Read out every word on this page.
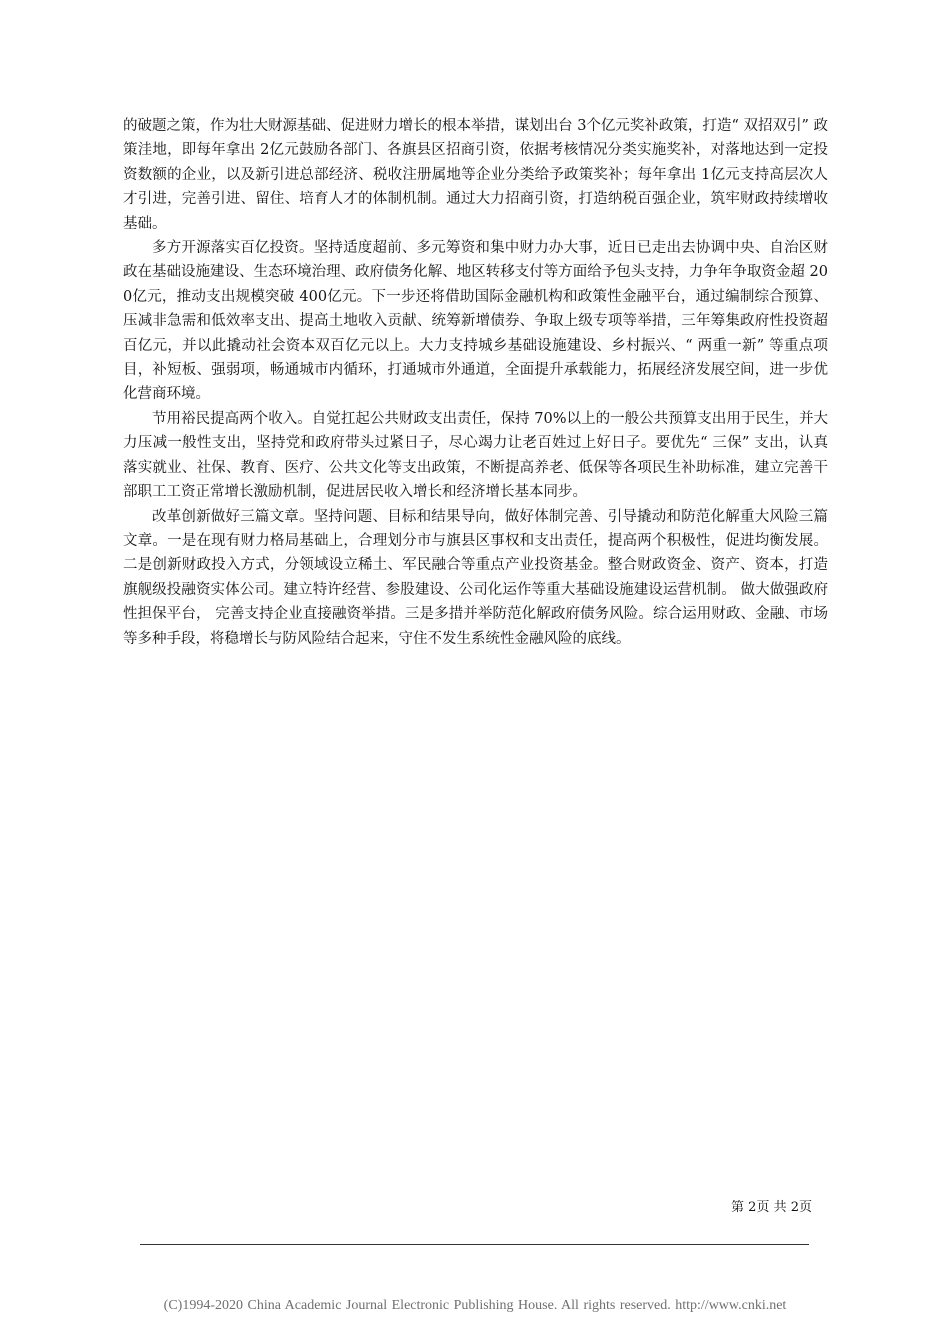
的破题之策，作为壮大财源基础、促进财力增长的根本举措，谋划出台 3个亿元奖补政策，打造“ 双招双引” 政策洼地，即每年拿出 2亿元鼓励各部门、各旗县区招商引资，依据考核情况分类实施奖补，对落地达到一定投资数额的企业，以及新引进总部经济、税收注册属地等企业分类给予政策奖补；每年拿出 1亿元支持高层次人才引进，完善引进、留住、培育人才的体制机制。通过大力招商引资，打造纳税百强企业，筑牢财政持续增收基础。

多方开源落实百亿投资。坚持适度超前、多元筹资和集中财力办大事，近日已走出去协调中央、自治区财政在基础设施建设、生态环境治理、政府债务化解、地区转移支付等方面给予包头支持，力争年争取资金超 200亿元，推动支出规模突破 400亿元。下一步还将借助国际金融机构和政策性金融平台，通过编制综合预算、压减非急需和低效率支出、提高土地收入贡献、统筹新增债券、争取上级专项等举措，三年筹集政府性投资超百亿元，并以此撬动社会资本双百亿元以上。大力支持城乡基础设施建设、乡村振兴、“ 两重一新” 等重点项目，补短板、强弱项，畅通城市内循环，打通城市外通道，全面提升承载能力，拓展经济发展空间，进一步优化营商环境。

节用裕民提高两个收入。自觉扛起公共财政支出责任，保持 70%以上的一般公共预算支出用于民生，并大力压减一般性支出，坚持党和政府带头过紧日子，尽心竭力让老百姓过上好日子。要优先“ 三保” 支出，认真落实就业、社保、教育、医疗、公共文化等支出政策，不断提高养老、低保等各项民生补助标准，建立完善干部职工工资正常增长激励机制，促进居民收入增长和经济增长基本同步。

改革创新做好三篇文章。坚持问题、目标和结果导向，做好体制完善、引导撬动和防范化解重大风险三篇文章。一是在现有财力格局基础上，合理划分市与旗县区事权和支出责任，提高两个积极性，促进均衡发展。二是创新财政投入方式，分领域设立稀土、军民融合等重点产业投资基金。整合财政资金、资产、资本，打造旗舰级投融资实体公司。建立特许经营、参股建设、公司化运作等重大基础设施建设运营机制。 做大做强政府性担保平台， 完善支持企业直接融资举措。三是多措并举防范化解政府债务风险。综合运用财政、金融、市场等多种手段，将稳增长与防风险结合起来，守住不发生系统性金融风险的底线。

第 2页 共 2页
(C)1994-2020 China Academic Journal Electronic Publishing House. All rights reserved. http://www.cnki.net
